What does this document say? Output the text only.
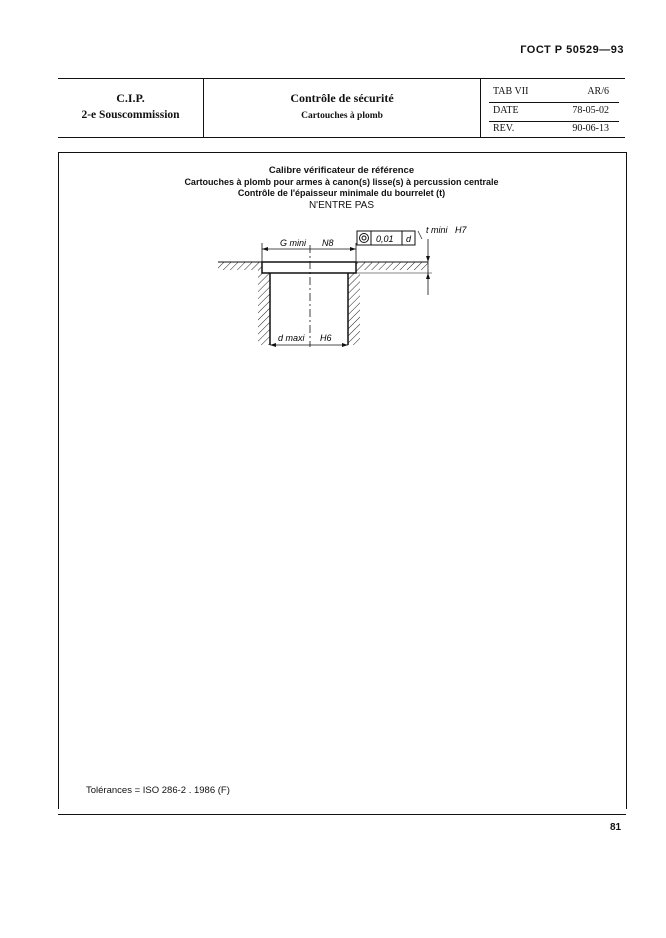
ГОСТ Р 50529—93
C.I.P.
2-e Souscommission
Contrôle de sécurité
Cartouches à plomb
TAB VII	AR/6
DATE	78-05-02
REV.	90-06-13
Calibre vérificateur de référence
Cartouches à plomb pour armes à canon(s) lisse(s) à percussion centrale
Contrôle de l'épaisseur minimale du bourrelet (t)
N'ENTRE PAS
G mini N8	0,01 d
t mini H7
d maxi H6
Tolérances = ISO 286-2 . 1986 (F)
81
